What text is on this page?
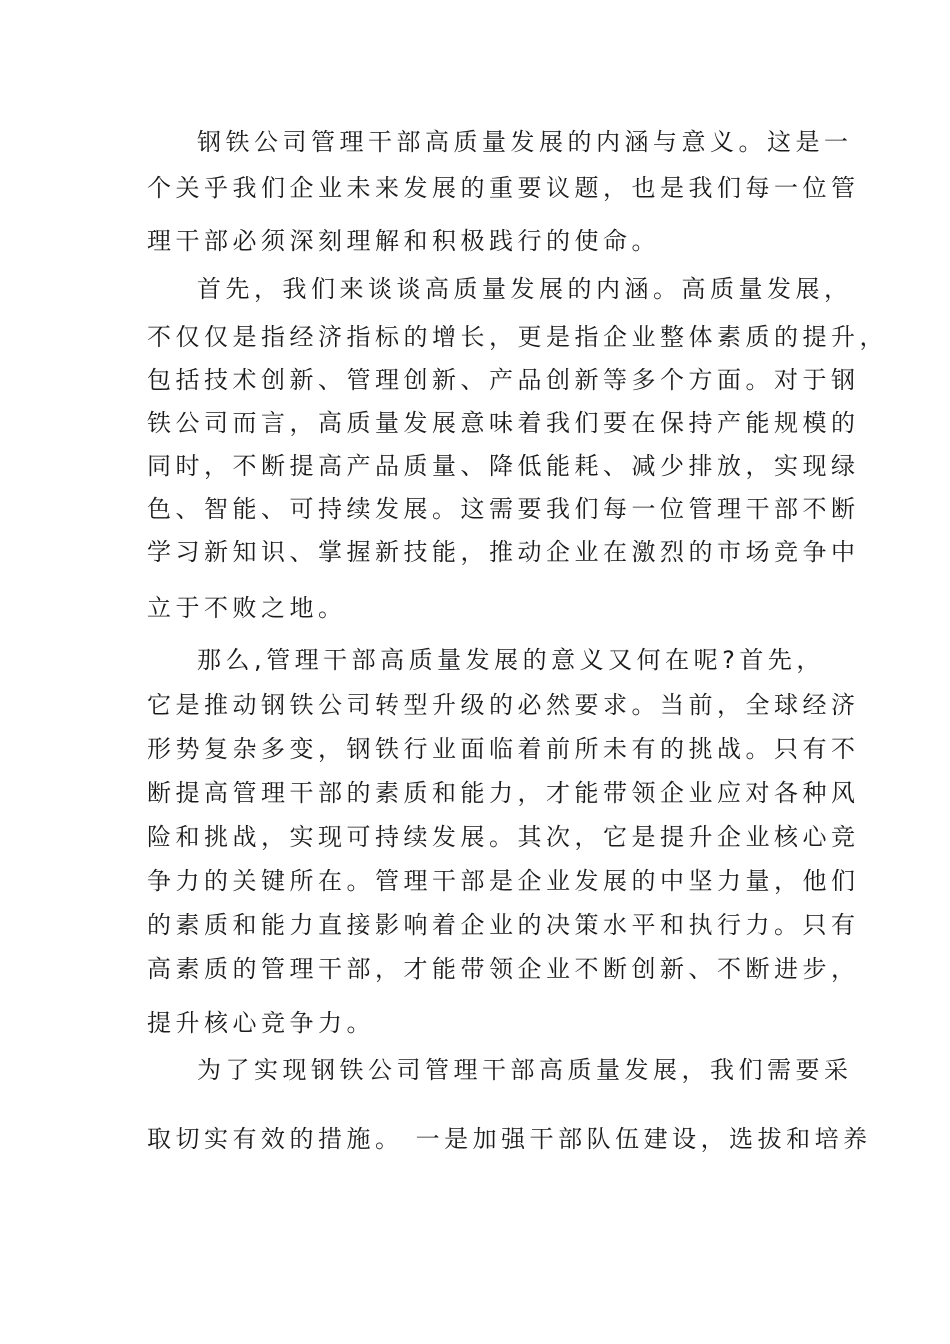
钢铁公司管理干部高质量发展的内涵与意义。这是一
个关乎我们企业未来发展的重要议题，也是我们每一位管
理干部必须深刻理解和积极践行的使命。
首先，我们来谈谈高质量发展的内涵。高质量发展，
不仅仅是指经济指标的增长，更是指企业整体素质的提升，
包括技术创新、管理创新、产品创新等多个方面。对于钢
铁公司而言，高质量发展意味着我们要在保持产能规模的
同时，不断提高产品质量、降低能耗、减少排放，实现绿
色、智能、可持续发展。这需要我们每一位管理干部不断
学习新知识、掌握新技能，推动企业在激烈的市场竞争中
立于不败之地。
那么,管理干部高质量发展的意义又何在呢?首先，
它是推动钢铁公司转型升级的必然要求。当前，全球经济
形势复杂多变，钢铁行业面临着前所未有的挑战。只有不
断提高管理干部的素质和能力，才能带领企业应对各种风
险和挑战，实现可持续发展。其次，它是提升企业核心竞
争力的关键所在。管理干部是企业发展的中坚力量，他们
的素质和能力直接影响着企业的决策水平和执行力。只有
高素质的管理干部，才能带领企业不断创新、不断进步，
提升核心竞争力。
为了实现钢铁公司管理干部高质量发展，我们需要采
取切实有效的措施。 一是加强干部队伍建设，选拔和培养
